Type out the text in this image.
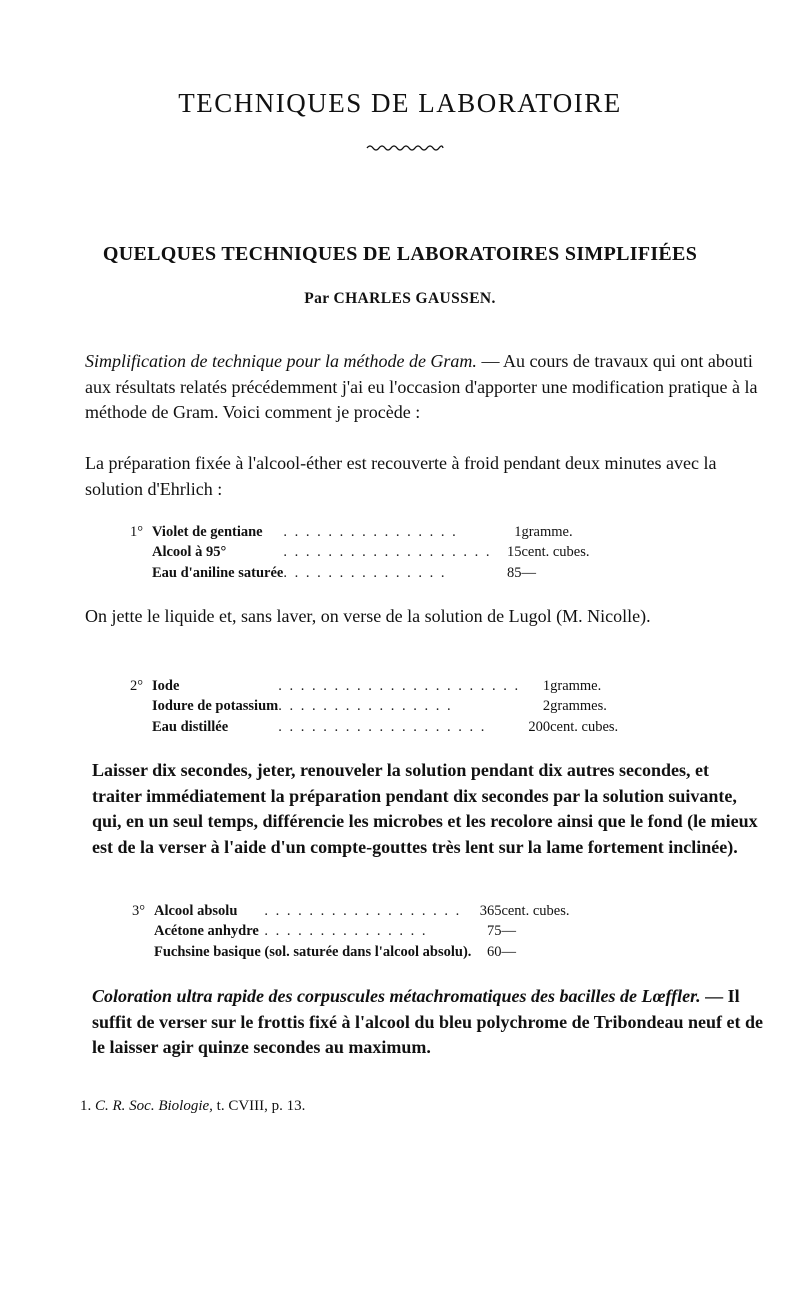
TECHNIQUES DE LABORATOIRE
QUELQUES TECHNIQUES DE LABORATOIRES SIMPLIFIÉES
Par CHARLES GAUSSEN.
Simplification de technique pour la méthode de Gram. — Au cours de travaux qui ont abouti aux résultats relatés précédemment j'ai eu l'occasion d'apporter une modification pratique à la méthode de Gram. Voici comment je procède :
La préparation fixée à l'alcool-éther est recouverte à froid pendant deux minutes avec la solution d'Ehrlich :
1°	Violet de gentiane	. . . . . . . . . . . . . . . .	1	gramme.
	Alcool à 95°	. . . . . . . . . . . . . . . . . . .	15	cent. cubes.
	Eau d'aniline saturée	. . . . . . . . . . . . . . .	85	—
On jette le liquide et, sans laver, on verse de la solution de Lugol (M. Nicolle).
2°	Iode	. . . . . . . . . . . . . . . . . . . . . .	1	gramme.
	Iodure de potassium	. . . . . . . . . . . . . . . .	2	grammes.
	Eau distillée	. . . . . . . . . . . . . . . . . . .	200	cent. cubes.
Laisser dix secondes, jeter, renouveler la solution pendant dix autres secondes, et traiter immédiatement la préparation pendant dix secondes par la solution suivante, qui, en un seul temps, différencie les microbes et les recolore ainsi que le fond (le mieux est de la verser à l'aide d'un compte-gouttes très lent sur la lame fortement inclinée).
3°	Alcool absolu	. . . . . . . . . . . . . . . . . .	365	cent. cubes.
	Acétone anhydre	. . . . . . . . . . . . . . .	75	—
	Fuchsine basique (sol. saturée dans l'alcool absolu).		60	—
Coloration ultra rapide des corpuscules métachromatiques des bacilles de Lœffler. — Il suffit de verser sur le frottis fixé à l'alcool du bleu polychrome de Tribondeau neuf et de le laisser agir quinze secondes au maximum.
1. C. R. Soc. Biologie, t. CVIII, p. 13.
